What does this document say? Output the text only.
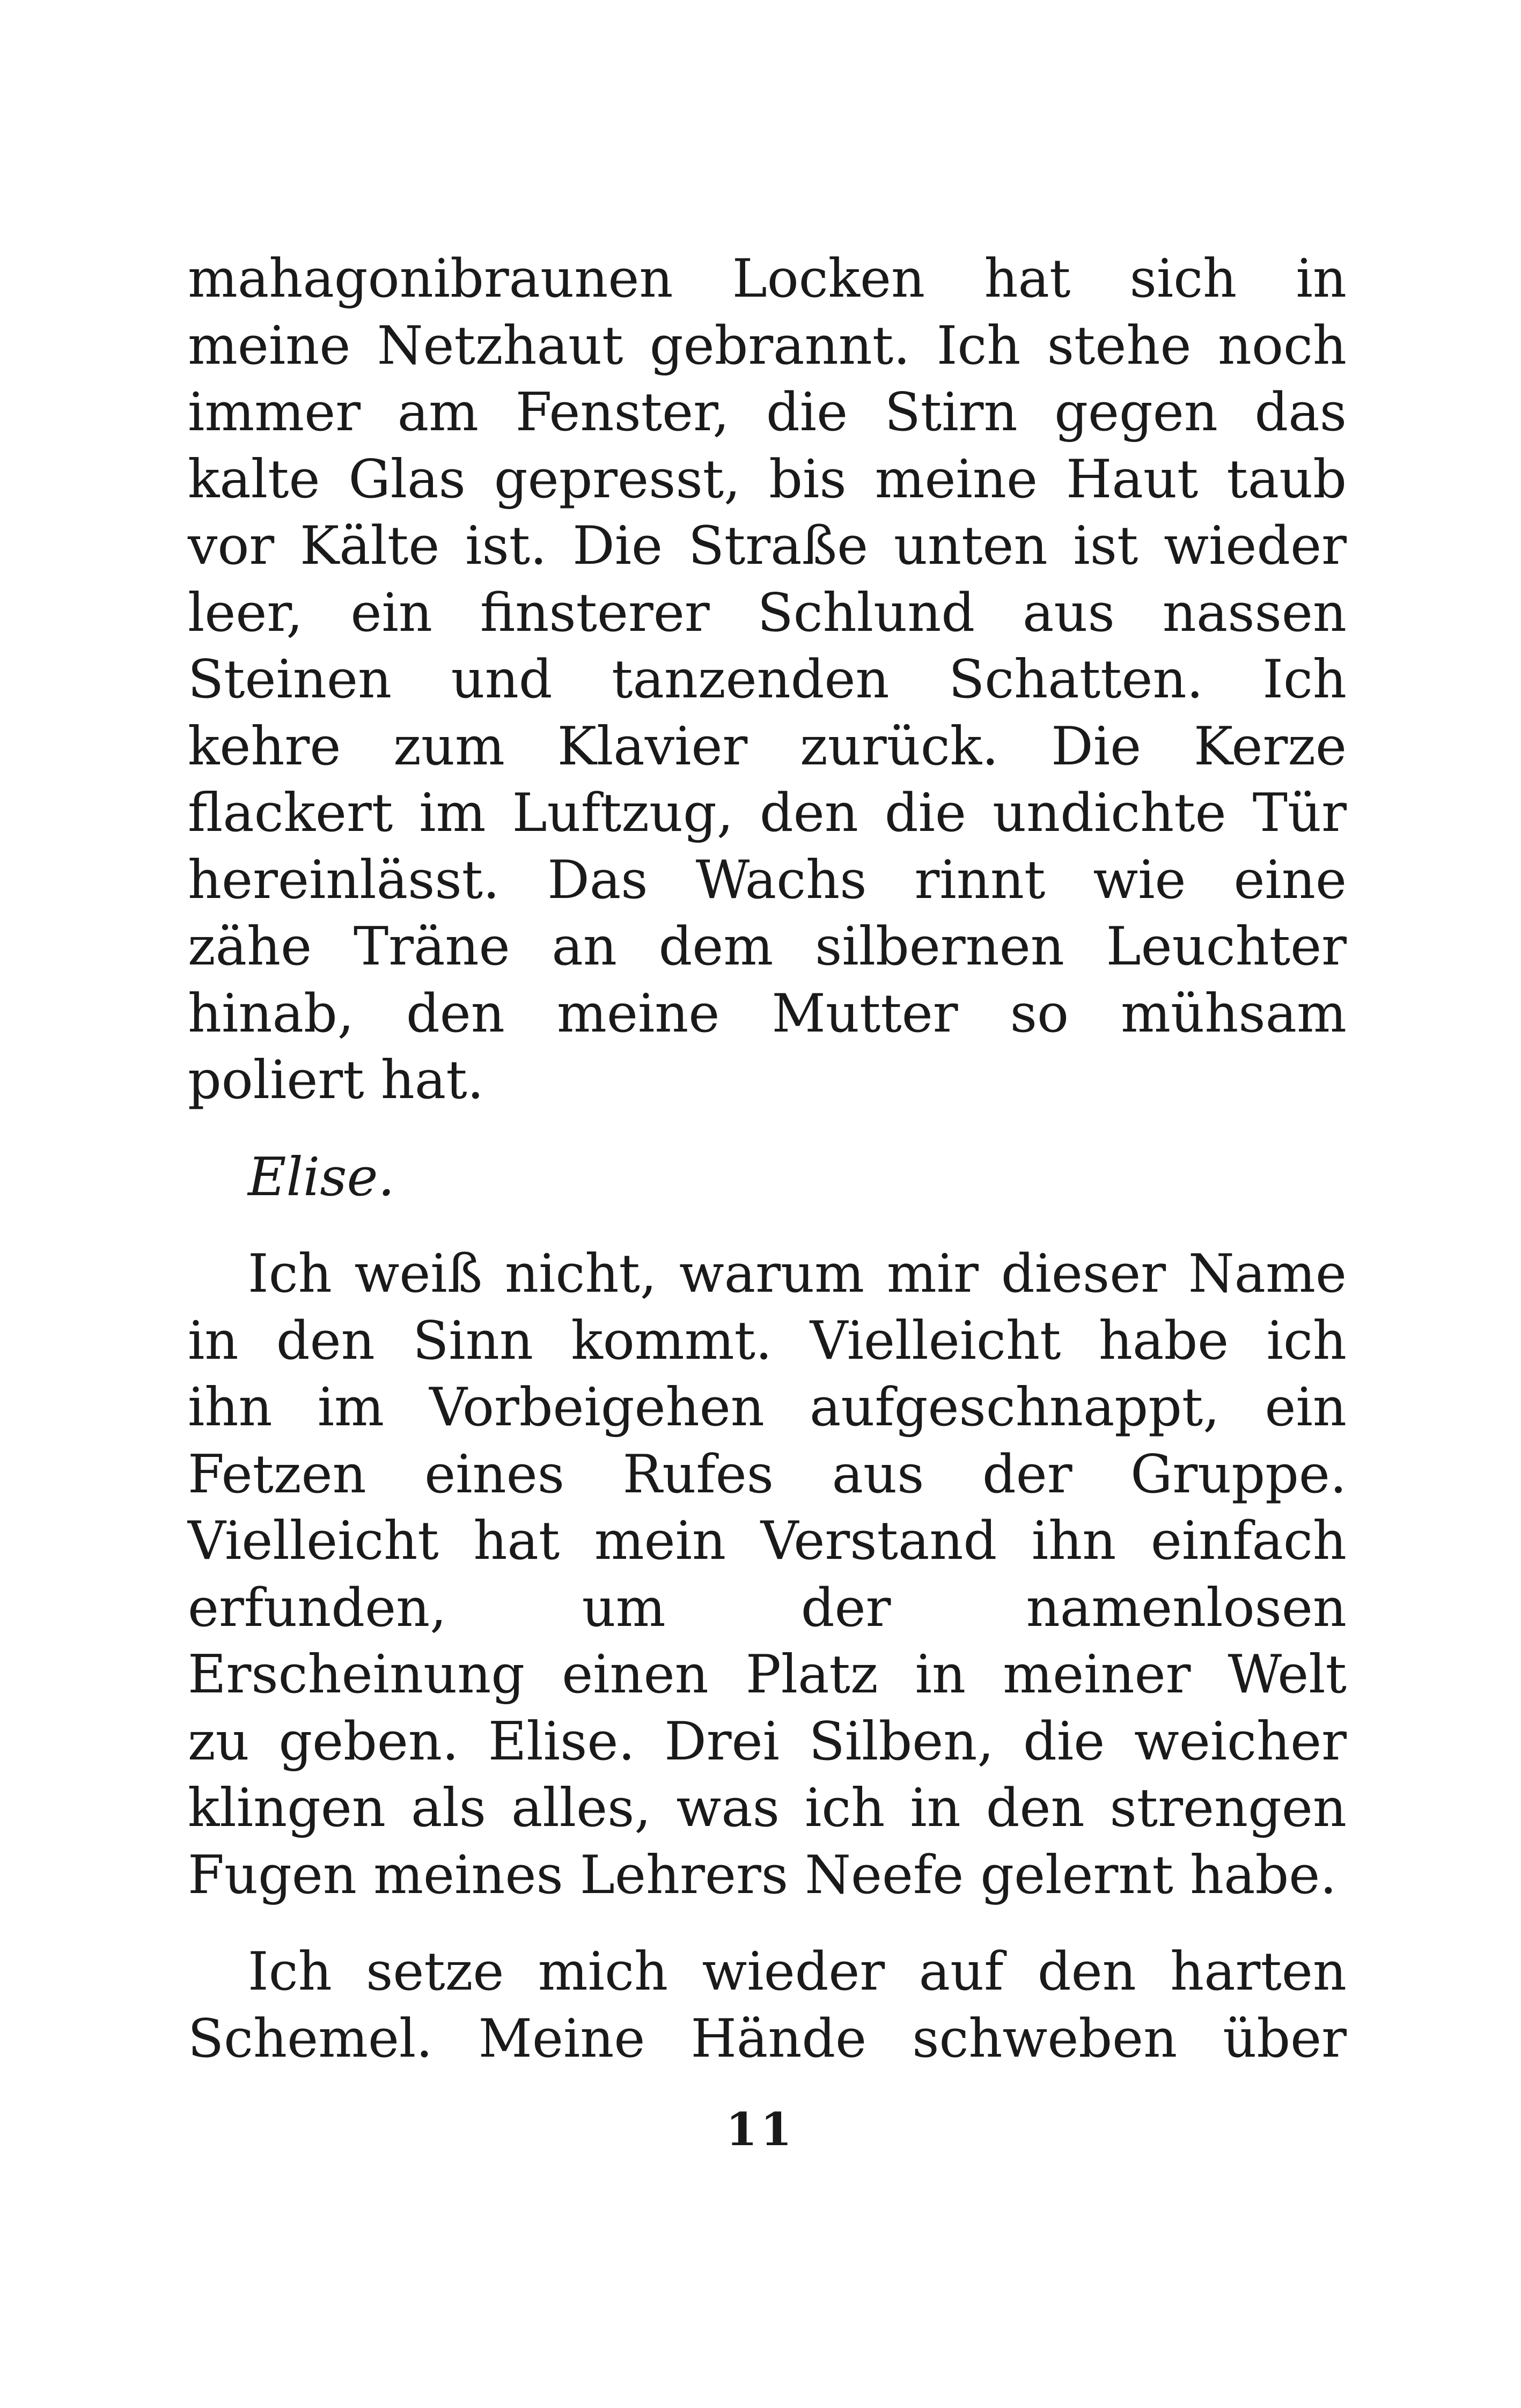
mahagonibraunen Locken hat sich in
meine Netzhaut gebrannt. Ich stehe noch
immer am Fenster, die Stirn gegen das
kalte Glas gepresst, bis meine Haut taub
vor Kälte ist. Die Straße unten ist wieder
leer, ein finsterer Schlund aus nassen
Steinen und tanzenden Schatten. Ich
kehre zum Klavier zurück. Die Kerze
flackert im Luftzug, den die undichte Tür
hereinlässt. Das Wachs rinnt wie eine
zähe Träne an dem silbernen Leuchter
hinab, den meine Mutter so mühsam
poliert hat.
Elise.
Ich weiß nicht, warum mir dieser Name
in den Sinn kommt. Vielleicht habe ich
ihn im Vorbeigehen aufgeschnappt, ein
Fetzen eines Rufes aus der Gruppe.
Vielleicht hat mein Verstand ihn einfach
erfunden, um der namenlosen
Erscheinung einen Platz in meiner Welt
zu geben. Elise. Drei Silben, die weicher
klingen als alles, was ich in den strengen
Fugen meines Lehrers Neefe gelernt habe.
Ich setze mich wieder auf den harten
Schemel. Meine Hände schweben über
11
